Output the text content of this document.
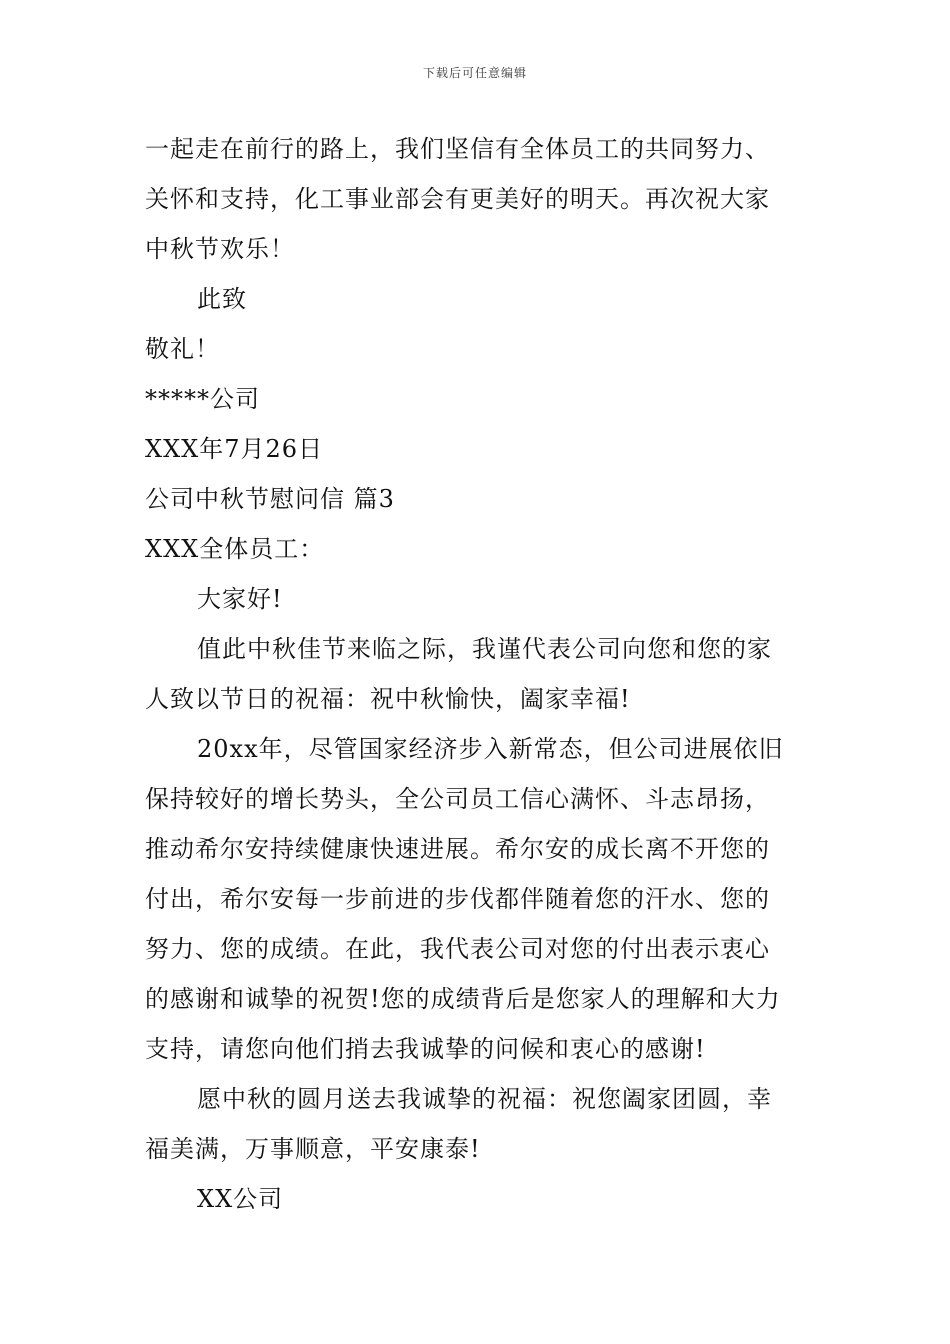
下载后可任意编辑
一起走在前行的路上，我们坚信有全体员工的共同努力、
关怀和支持，化工事业部会有更美好的明天。再次祝大家
中秋节欢乐！
此致
敬礼！
*****公司
XXX年7月26日
公司中秋节慰问信 篇3
XXX全体员工：
大家好!
值此中秋佳节来临之际，我谨代表公司向您和您的家
人致以节日的祝福：祝中秋愉快，阖家幸福!
20xx年，尽管国家经济步入新常态，但公司进展依旧
保持较好的增长势头，全公司员工信心满怀、斗志昂扬，
推动希尔安持续健康快速进展。希尔安的成长离不开您的
付出，希尔安每一步前进的步伐都伴随着您的汗水、您的
努力、您的成绩。在此，我代表公司对您的付出表示衷心
的感谢和诚挚的祝贺!您的成绩背后是您家人的理解和大力
支持，请您向他们捎去我诚挚的问候和衷心的感谢!
愿中秋的圆月送去我诚挚的祝福：祝您阖家团圆，幸
福美满，万事顺意，平安康泰!
XX公司
